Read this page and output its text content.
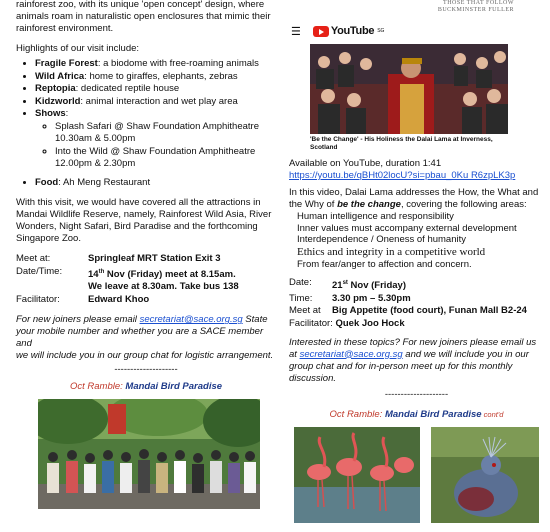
rainforest zoo, with its unique 'open concept' design, where

animals roam in naturalistic open enclosures that mimic their

rainforest environment.

Highlights of our visit include:

• Fragile Forest: a biodome with free-roaming animals
• Wild Africa: home to giraffes, elephants, zebras
• Reptopia: dedicated reptile house
• Kidzworld: animal interaction and wet play area
• Shows:
◦ Splash Safari @ Shaw Foundation Amphitheatre
10.30am & 5.00pm
◦ Into the Wild @ Shaw Foundation Amphitheatre
12.00pm & 2.30pm
• Food: Ah Meng Restaurant

With this visit, we would have covered all the attractions in

Mandai Wildlife Reserve, namely, Rainforest Wild Asia, River

Wonders, Night Safari, Bird Paradise and the forthcoming

Singapore Zoo.

Meet at:	Springleaf MRT Station Exit 3
Date/Time:	14th Nov (Friday) meet at 8.15am.
	We leave at 8.30am. Take bus 138
Facilitator:	Edward Khoo

For new joiners please email secretariat@sace.org.sg State

your mobile number and whether you are a SACE member and

we will include you in our group chat for logistic arrangement.

--------------------

Oct Ramble: Mandai Bird Paradise

THOSE THAT FOLLOW
BUCKMINSTER FULLER
☰	YouTube SG
'Be the Change' - His Holiness the Dalai Lama at Inverness,
Scotland

Available on YouTube, duration 1:41

https://youtu.be/qBHt02locU?si=pbau_0Ku R6zpLK3p

In this video, Dalai Lama addresses the How, the What and

the Why of be the change, covering the following areas:

Human intelligence and responsibility

Inner values must accompany external development

Interdependence / Oneness of humanity

Ethics and integrity in a competitive world

From fear/anger to affection and concern.

Date:	21st Nov (Friday)
Time:	3.30 pm – 5.30pm
Meet at	Big Appetite (food court), Funan Mall B2-24

Facilitator: Quek Joo Hock

Interested in these topics? For new joiners please email us

at secretariat@sace.org.sg and we will include you in our

group chat and for in-person meet up for this monthly

discussion.

--------------------

Oct Ramble: Mandai Bird Paradise cont'd
